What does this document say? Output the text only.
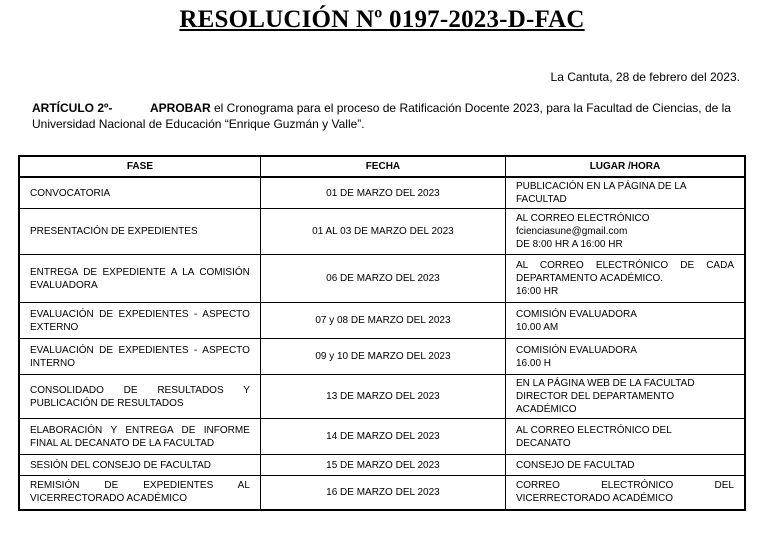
RESOLUCIÓN Nº 0197-2023-D-FAC
La Cantuta, 28 de febrero del 2023.
ARTÍCULO 2º-	APROBAR el Cronograma para el proceso de Ratificación Docente 2023, para la Facultad de Ciencias, de la Universidad Nacional de Educación “Enrique Guzmán y Valle”.
FASE	FECHA	LUGAR /HORA
CONVOCATORIA	01 DE MARZO DEL 2023	PUBLICACIÓN EN LA PÁGINA DE LA FACULTAD

PRESENTACIÓN DE EXPEDIENTES	01 AL 03 DE MARZO DEL 2023	AL CORREO ELECTRÓNICO
fcienciasune@gmail.com
DE 8:00 HR A 16:00 HR

ENTREGA DE EXPEDIENTE A LA COMISIÓN EVALUADORA	06 DE MARZO DEL 2023	AL CORREO ELECTRÓNICO DE CADA DEPARTAMENTO ACADÉMICO.
16:00 HR

EVALUACIÓN DE EXPEDIENTES - ASPECTO EXTERNO	07 y 08 DE MARZO DEL 2023	COMISIÓN EVALUADORA
10.00 AM

EVALUACIÓN DE EXPEDIENTES - ASPECTO INTERNO	09 y 10 DE MARZO DEL 2023	COMISIÓN EVALUADORA
16.00 H

CONSOLIDADO DE RESULTADOS Y PUBLICACIÓN DE RESULTADOS	13 DE MARZO DEL 2023	EN LA PÁGINA WEB DE LA FACULTAD
DIRECTOR DEL DEPARTAMENTO ACADÉMICO

ELABORACIÓN Y ENTREGA DE INFORME FINAL AL DECANATO DE LA FACULTAD	14 DE MARZO DEL 2023	AL CORREO ELECTRÓNICO DEL
DECANATO

SESIÓN DEL CONSEJO DE FACULTAD	15 DE MARZO DEL 2023	CONSEJO DE FACULTAD

REMISIÓN DE EXPEDIENTES AL VICERRECTORADO ACADÉMICO	16 DE MARZO DEL 2023	CORREO ELECTRÓNICO DEL VICERRECTORADO ACADÉMICO
